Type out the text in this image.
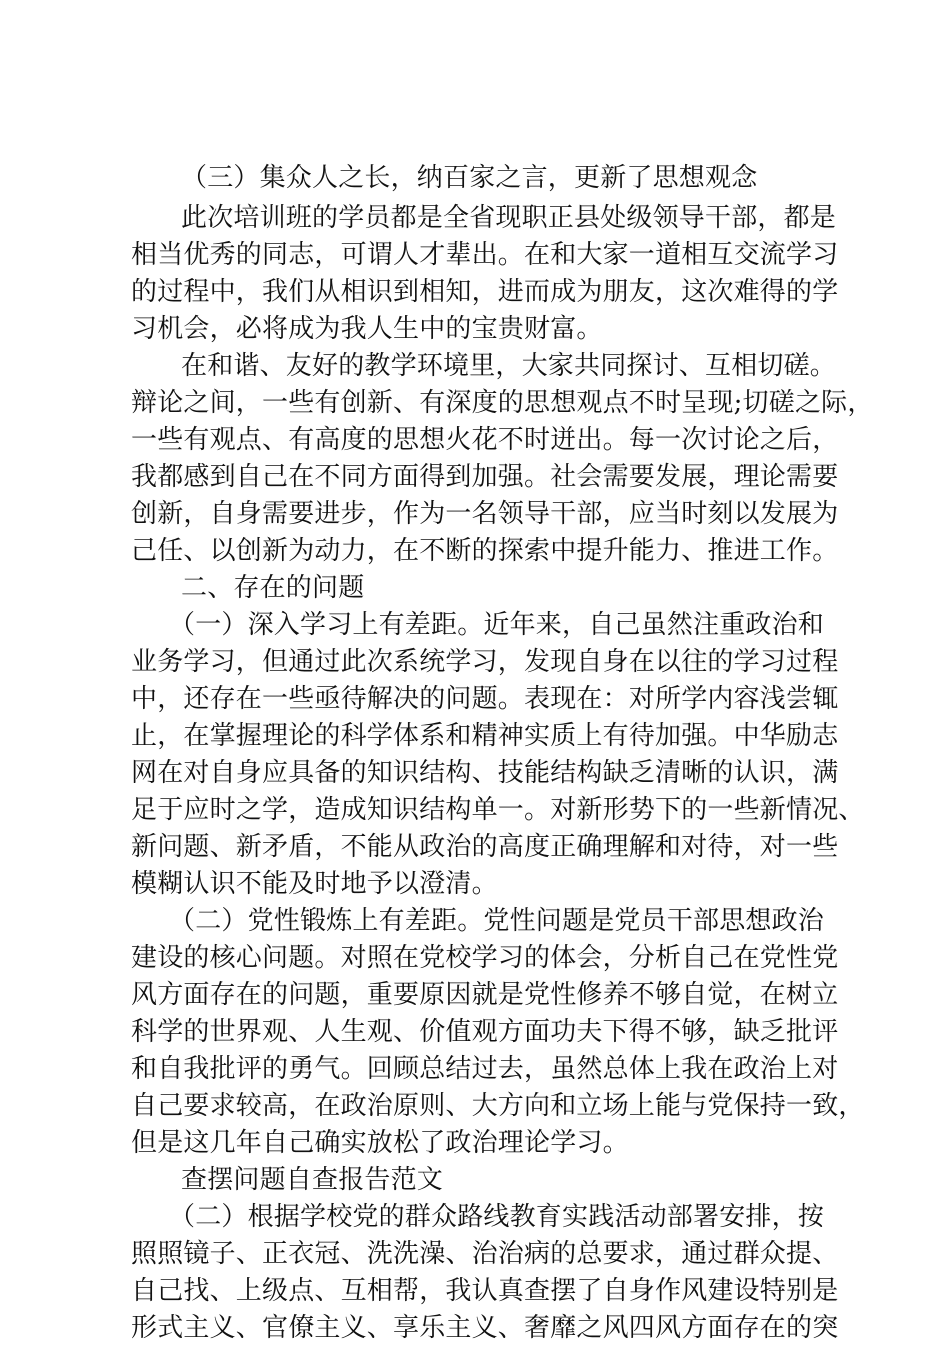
（三）集众人之长，纳百家之言，更新了思想观念
此次培训班的学员都是全省现职正县处级领导干部，都是
相当优秀的同志，可谓人才辈出。在和大家一道相互交流学习
的过程中，我们从相识到相知，进而成为朋友，这次难得的学
习机会，必将成为我人生中的宝贵财富。
在和谐、友好的教学环境里，大家共同探讨、互相切磋。
辩论之间，一些有创新、有深度的思想观点不时呈现;切磋之际，
一些有观点、有高度的思想火花不时迸出。每一次讨论之后，
我都感到自己在不同方面得到加强。社会需要发展，理论需要
创新，自身需要进步，作为一名领导干部，应当时刻以发展为
己任、以创新为动力，在不断的探索中提升能力、推进工作。
二、存在的问题
（一）深入学习上有差距。近年来，自己虽然注重政治和
业务学习，但通过此次系统学习，发现自身在以往的学习过程
中，还存在一些亟待解决的问题。表现在：对所学内容浅尝辄
止，在掌握理论的科学体系和精神实质上有待加强。中华励志
网在对自身应具备的知识结构、技能结构缺乏清晰的认识，满
足于应时之学，造成知识结构单一。对新形势下的一些新情况、
新问题、新矛盾，不能从政治的高度正确理解和对待，对一些
模糊认识不能及时地予以澄清。
（二）党性锻炼上有差距。党性问题是党员干部思想政治
建设的核心问题。对照在党校学习的体会，分析自己在党性党
风方面存在的问题，重要原因就是党性修养不够自觉，在树立
科学的世界观、人生观、价值观方面功夫下得不够，缺乏批评
和自我批评的勇气。回顾总结过去，虽然总体上我在政治上对
自己要求较高，在政治原则、大方向和立场上能与党保持一致，
但是这几年自己确实放松了政治理论学习。
查摆问题自查报告范文
（二）根据学校党的群众路线教育实践活动部署安排，按
照照镜子、正衣冠、洗洗澡、治治病的总要求，通过群众提、
自己找、上级点、互相帮，我认真查摆了自身作风建设特别是
形式主义、官僚主义、享乐主义、奢靡之风四风方面存在的突
